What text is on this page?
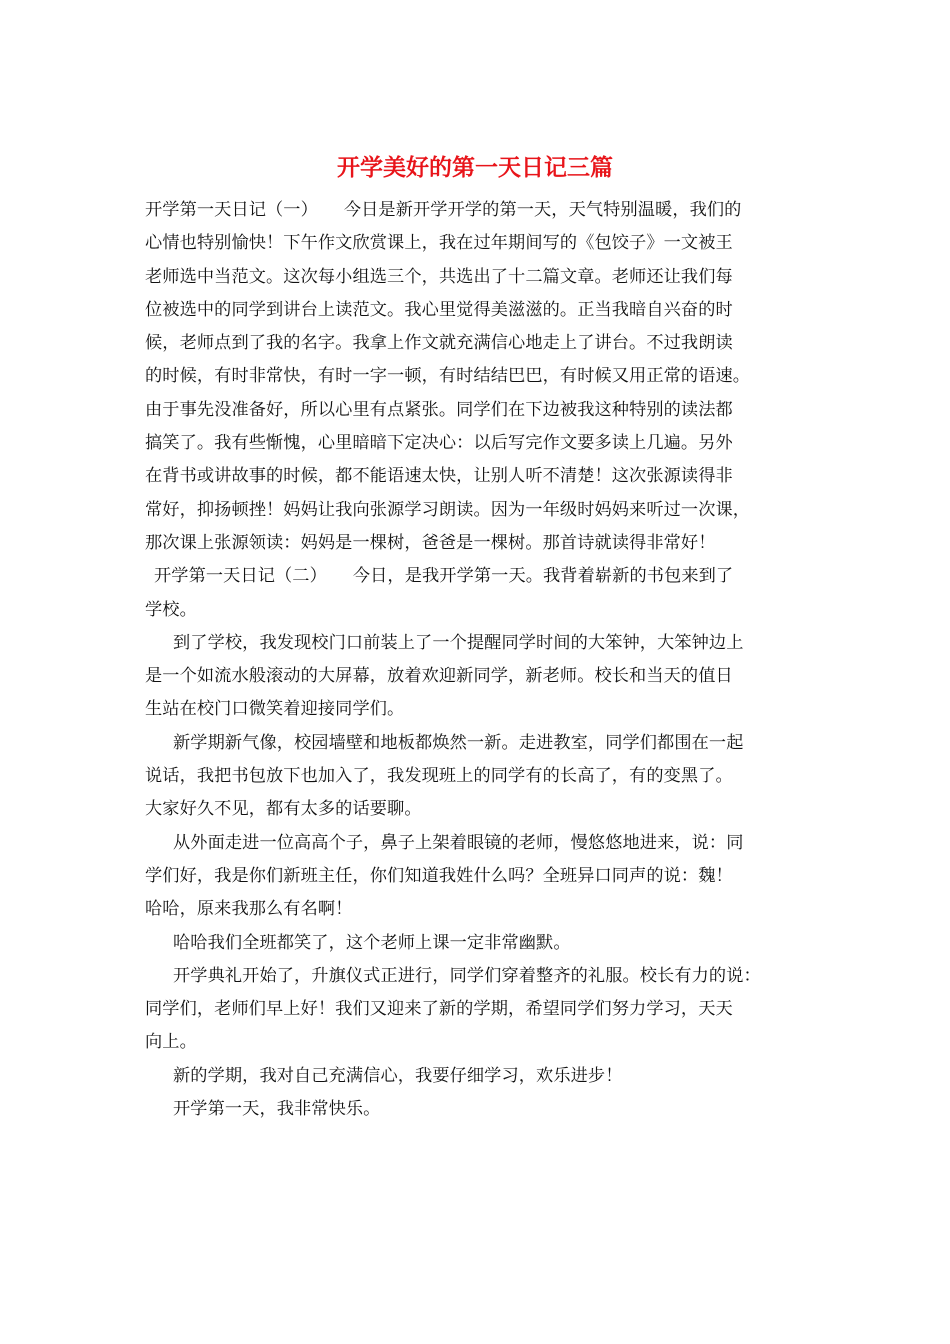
开学美好的第一天日记三篇
开学第一天日记（一）　　今日是新开学开学的第一天，天气特别温暖，我们的
心情也特别愉快！下午作文欣赏课上，我在过年期间写的《包饺子》一文被王
老师选中当范文。这次每小组选三个，共选出了十二篇文章。老师还让我们每
位被选中的同学到讲台上读范文。我心里觉得美滋滋的。正当我暗自兴奋的时
候，老师点到了我的名字。我拿上作文就充满信心地走上了讲台。不过我朗读
的时候，有时非常快，有时一字一顿，有时结结巴巴，有时候又用正常的语速。
由于事先没准备好，所以心里有点紧张。同学们在下边被我这种特别的读法都
搞笑了。我有些惭愧，心里暗暗下定决心：以后写完作文要多读上几遍。另外
在背书或讲故事的时候，都不能语速太快，让别人听不清楚！这次张源读得非
常好，抑扬顿挫！妈妈让我向张源学习朗读。因为一年级时妈妈来听过一次课，
那次课上张源领读：妈妈是一棵树，爸爸是一棵树。那首诗就读得非常好！
开学第一天日记（二）　　今日，是我开学第一天。我背着崭新的书包来到了
学校。
到了学校，我发现校门口前装上了一个提醒同学时间的大笨钟，大笨钟边上
是一个如流水般滚动的大屏幕，放着欢迎新同学，新老师。校长和当天的值日
生站在校门口微笑着迎接同学们。
新学期新气像，校园墙壁和地板都焕然一新。走进教室，同学们都围在一起
说话，我把书包放下也加入了，我发现班上的同学有的长高了，有的变黑了。
大家好久不见，都有太多的话要聊。
从外面走进一位高高个子，鼻子上架着眼镜的老师，慢悠悠地进来，说：同
学们好，我是你们新班主任，你们知道我姓什么吗？全班异口同声的说：魏！
哈哈，原来我那么有名啊！
哈哈我们全班都笑了，这个老师上课一定非常幽默。
开学典礼开始了，升旗仪式正进行，同学们穿着整齐的礼服。校长有力的说：
同学们，老师们早上好！我们又迎来了新的学期，希望同学们努力学习，天天
向上。
新的学期，我对自己充满信心，我要仔细学习，欢乐进步！
开学第一天，我非常快乐。
